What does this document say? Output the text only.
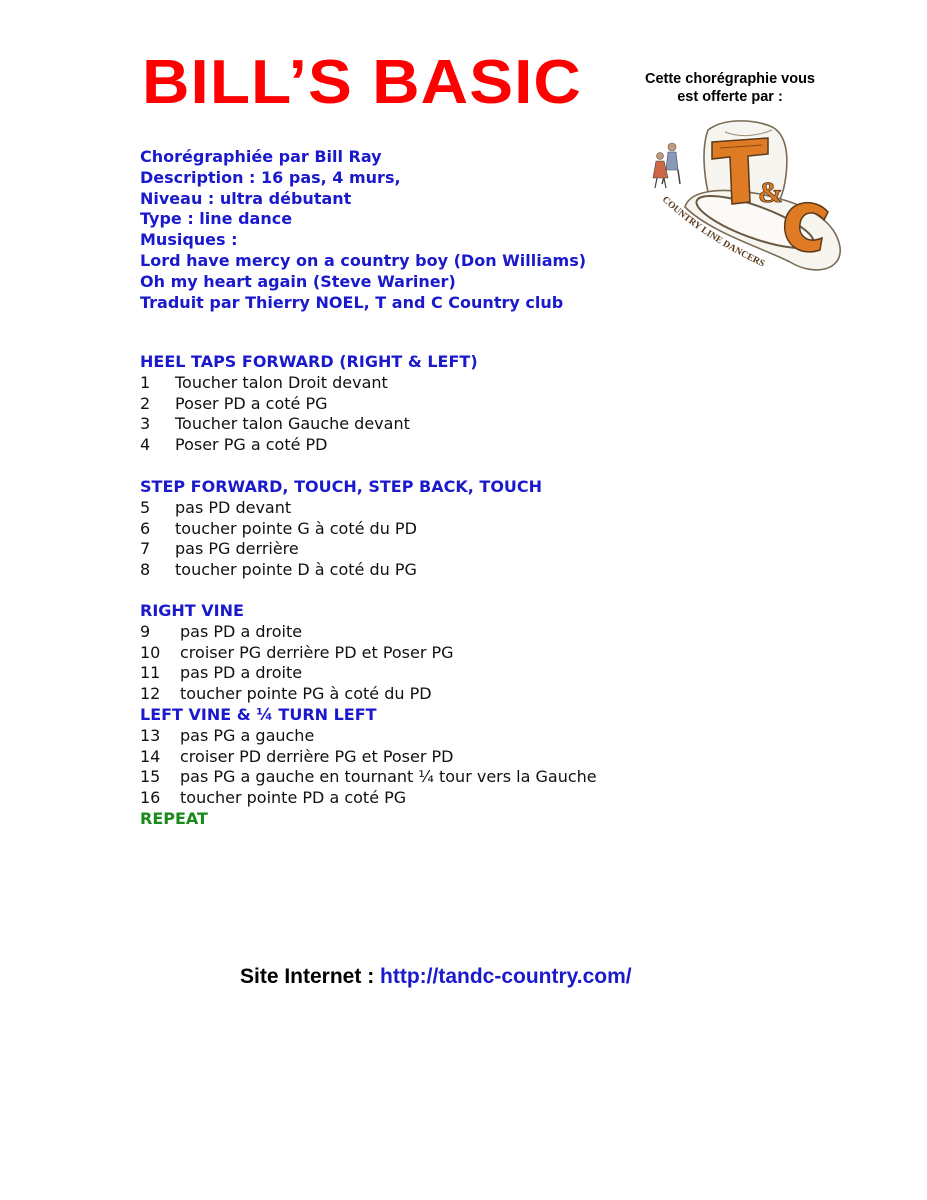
BILL’S BASIC	Cette chorégraphie vous
est offerte par :
&
COUNTRY LINE DANCERS
Chorégraphiée par Bill Ray
Description : 16 pas, 4 murs,
Niveau : ultra débutant
Type : line dance
Musiques :
Lord have mercy on a country boy (Don Williams)
Oh my heart again (Steve Wariner)
Traduit par Thierry NOEL, T and C Country club
HEEL TAPS FORWARD (RIGHT & LEFT)
1	Toucher talon Droit devant
2	Poser PD a coté PG
3	Toucher talon Gauche devant
4	Poser PG a coté PD
STEP FORWARD, TOUCH, STEP BACK, TOUCH
5	pas PD devant
6	toucher pointe G à coté du PD
7	pas PG derrière
8	toucher pointe D à coté du PG
RIGHT VINE
9	pas PD a droite
10	croiser PG derrière PD et Poser PG
11	pas PD a droite
12	toucher pointe PG à coté du PD
LEFT VINE & ¼ TURN LEFT
13	pas PG a gauche
14	croiser PD derrière PG et Poser PD
15	pas PG a gauche en tournant ¼ tour vers la Gauche
16	toucher pointe PD a coté PG
REPEAT
Site Internet : http://tandc-country.com/
